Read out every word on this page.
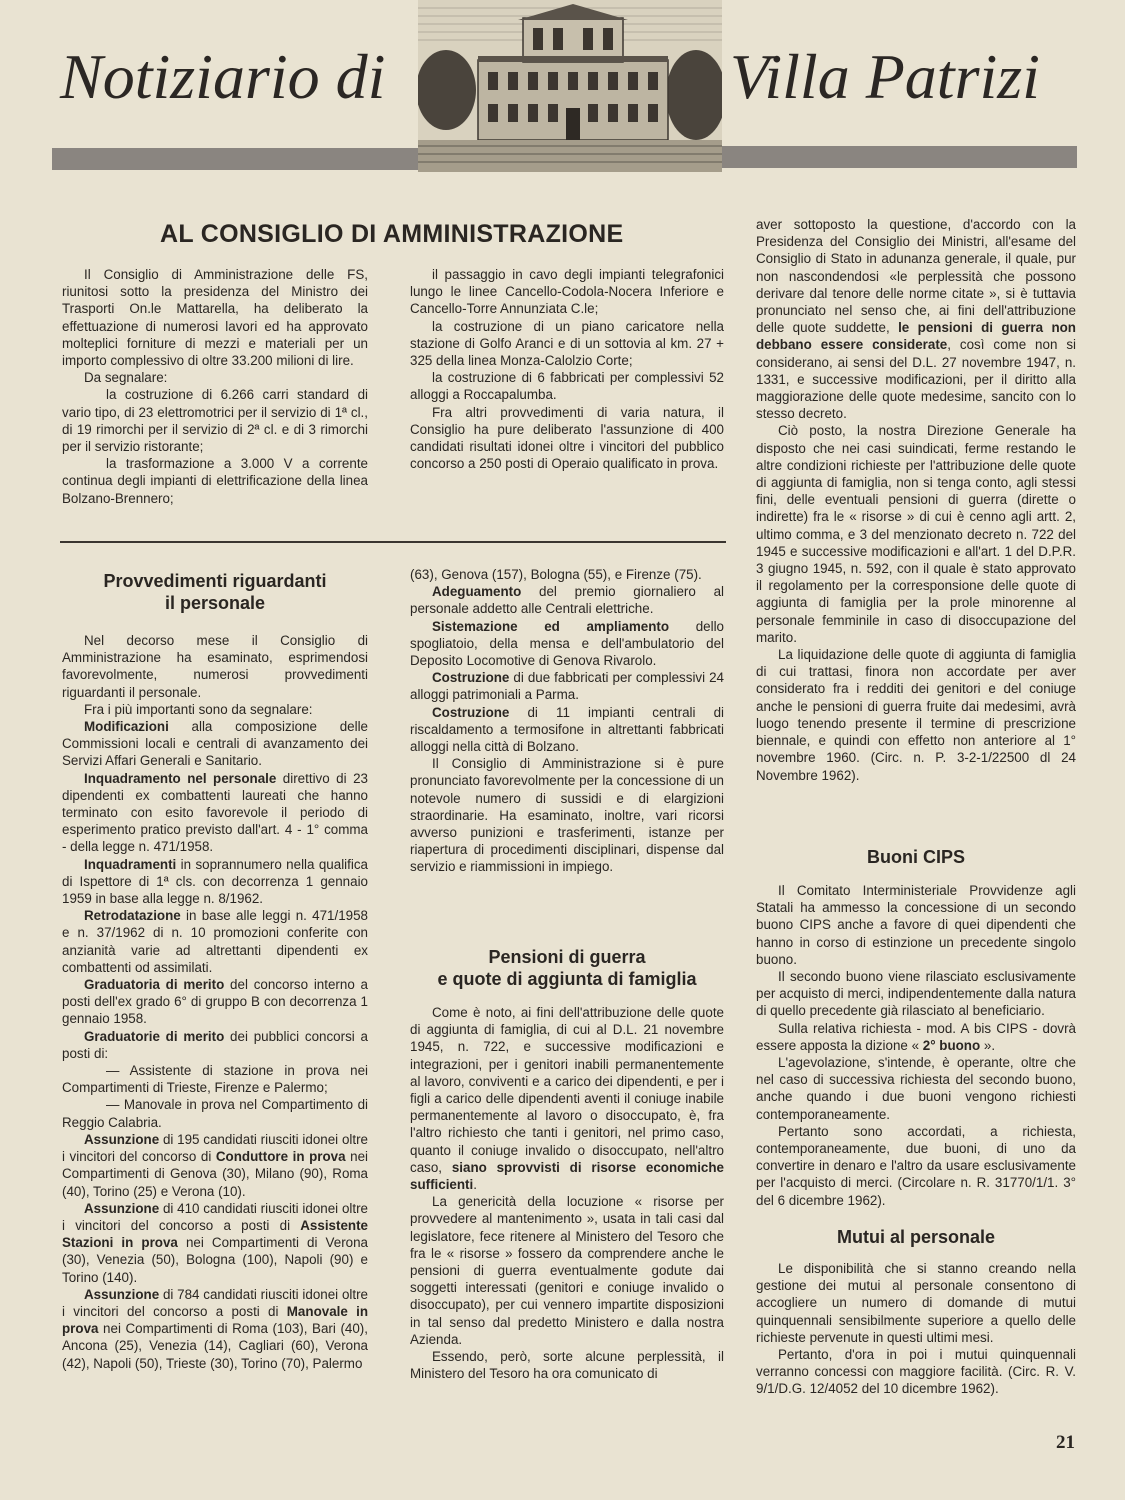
Notiziario di	Villa Patrizi
AL CONSIGLIO DI AMMINISTRAZIONE

Il Consiglio di Amministrazione delle FS, riunitosi sotto la presidenza del Ministro dei Trasporti On.le Mattarella, ha deliberato la effettuazione di numerosi lavori ed ha approvato molteplici forniture di mezzi e materiali per un importo complessivo di oltre 33.200 milioni di lire.

Da segnalare:

la costruzione di 6.266 carri standard di vario tipo, di 23 elettromotrici per il servizio di 1ª cl., di 19 rimorchi per il servizio di 2ª cl. e di 3 rimorchi per il servizio ristorante;

la trasformazione a 3.000 V a corrente continua degli impianti di elettrificazione della linea Bolzano-Brennero;

il passaggio in cavo degli impianti telegrafonici lungo le linee Cancello-Codola-Nocera Inferiore e Cancello-Torre Annunziata C.le;

la costruzione di un piano caricatore nella stazione di Golfo Aranci e di un sottovia al km. 27 + 325 della linea Monza-Calolzio Corte;

la costruzione di 6 fabbricati per complessivi 52 alloggi a Roccapalumba.

Fra altri provvedimenti di varia natura, il Consiglio ha pure deliberato l'assunzione di 400 candidati risultati idonei oltre i vincitori del pubblico concorso a 250 posti di Operaio qualificato in prova.

Provvedimenti riguardanti
il personale

Nel decorso mese il Consiglio di Amministrazione ha esaminato, esprimendosi favorevolmente, numerosi provvedimenti riguardanti il personale.

Fra i più importanti sono da segnalare:

Modificazioni alla composizione delle Commissioni locali e centrali di avanzamento dei Servizi Affari Generali e Sanitario.

Inquadramento nel personale direttivo di 23 dipendenti ex combattenti laureati che hanno terminato con esito favorevole il periodo di esperimento pratico previsto dall'art. 4 - 1° comma - della legge n. 471/1958.

Inquadramenti in soprannumero nella qualifica di Ispettore di 1ª cls. con decorrenza 1 gennaio 1959 in base alla legge n. 8/1962.

Retrodatazione in base alle leggi n. 471/1958 e n. 37/1962 di n. 10 promozioni conferite con anzianità varie ad altrettanti dipendenti ex combattenti od assimilati.

Graduatoria di merito del concorso interno a posti dell'ex grado 6° di gruppo B con decorrenza 1 gennaio 1958.

Graduatorie di merito dei pubblici concorsi a posti di:

— Assistente di stazione in prova nei Compartimenti di Trieste, Firenze e Palermo;

— Manovale in prova nel Compartimento di Reggio Calabria.

Assunzione di 195 candidati riusciti idonei oltre i vincitori del concorso di Conduttore in prova nei Compartimenti di Genova (30), Milano (90), Roma (40), Torino (25) e Verona (10).

Assunzione di 410 candidati riusciti idonei oltre i vincitori del concorso a posti di Assistente Stazioni in prova nei Compartimenti di Verona (30), Venezia (50), Bologna (100), Napoli (90) e Torino (140).

Assunzione di 784 candidati riusciti idonei oltre i vincitori del concorso a posti di Manovale in prova nei Compartimenti di Roma (103), Bari (40), Ancona (25), Venezia (14), Cagliari (60), Verona (42), Napoli (50), Trieste (30), Torino (70), Palermo

(63), Genova (157), Bologna (55), e Firenze (75).

Adeguamento del premio giornaliero al personale addetto alle Centrali elettriche.

Sistemazione ed ampliamento dello spogliatoio, della mensa e dell'ambulatorio del Deposito Locomotive di Genova Rivarolo.

Costruzione di due fabbricati per complessivi 24 alloggi patrimoniali a Parma.

Costruzione di 11 impianti centrali di riscaldamento a termosifone in altrettanti fabbricati alloggi nella città di Bolzano.

Il Consiglio di Amministrazione si è pure pronunciato favorevolmente per la concessione di un notevole numero di sussidi e di elargizioni straordinarie. Ha esaminato, inoltre, vari ricorsi avverso punizioni e trasferimenti, istanze per riapertura di procedimenti disciplinari, dispense dal servizio e riammissioni in impiego.

Pensioni di guerra
e quote di aggiunta di famiglia

Come è noto, ai fini dell'attribuzione delle quote di aggiunta di famiglia, di cui al D.L. 21 novembre 1945, n. 722, e successive modificazioni e integrazioni, per i genitori inabili permanentemente al lavoro, conviventi e a carico dei dipendenti, e per i figli a carico delle dipendenti aventi il coniuge inabile permanentemente al lavoro o disoccupato, è, fra l'altro richiesto che tanti i genitori, nel primo caso, quanto il coniuge invalido o disoccupato, nell'altro caso, siano sprovvisti di risorse economiche sufficienti.

La genericità della locuzione « risorse per provvedere al mantenimento », usata in tali casi dal legislatore, fece ritenere al Ministero del Tesoro che fra le « risorse » fossero da comprendere anche le pensioni di guerra eventualmente godute dai soggetti interessati (genitori e coniuge invalido o disoccupato), per cui vennero impartite disposizioni in tal senso dal predetto Ministero e dalla nostra Azienda.

Essendo, però, sorte alcune perplessità, il Ministero del Tesoro ha ora comunicato di

aver sottoposto la questione, d'accordo con la Presidenza del Consiglio dei Ministri, all'esame del Consiglio di Stato in adunanza generale, il quale, pur non nascondendosi «le perplessità che possono derivare dal tenore delle norme citate », si è tuttavia pronunciato nel senso che, ai fini dell'attribuzione delle quote suddette, le pensioni di guerra non debbano essere considerate, così come non si considerano, ai sensi del D.L. 27 novembre 1947, n. 1331, e successive modificazioni, per il diritto alla maggiorazione delle quote medesime, sancito con lo stesso decreto.

Ciò posto, la nostra Direzione Generale ha disposto che nei casi suindicati, ferme restando le altre condizioni richieste per l'attribuzione delle quote di aggiunta di famiglia, non si tenga conto, agli stessi fini, delle eventuali pensioni di guerra (dirette o indirette) fra le « risorse » di cui è cenno agli artt. 2, ultimo comma, e 3 del menzionato decreto n. 722 del 1945 e successive modificazioni e all'art. 1 del D.P.R. 3 giugno 1945, n. 592, con il quale è stato approvato il regolamento per la corresponsione delle quote di aggiunta di famiglia per la prole minorenne al personale femminile in caso di disoccupazione del marito.

La liquidazione delle quote di aggiunta di famiglia di cui trattasi, finora non accordate per aver considerato fra i redditi dei genitori e del coniuge anche le pensioni di guerra fruite dai medesimi, avrà luogo tenendo presente il termine di prescrizione biennale, e quindi con effetto non anteriore al 1° novembre 1960. (Circ. n. P. 3-2-1/22500 dl 24 Novembre 1962).

Buoni CIPS

Il Comitato Interministeriale Provvidenze agli Statali ha ammesso la concessione di un secondo buono CIPS anche a favore di quei dipendenti che hanno in corso di estinzione un precedente singolo buono.

Il secondo buono viene rilasciato esclusivamente per acquisto di merci, indipendentemente dalla natura di quello precedente già rilasciato al beneficiario.

Sulla relativa richiesta - mod. A bis CIPS - dovrà essere apposta la dizione « 2° buono ».

L'agevolazione, s'intende, è operante, oltre che nel caso di successiva richiesta del secondo buono, anche quando i due buoni vengono richiesti contemporaneamente.

Pertanto sono accordati, a richiesta, contemporaneamente, due buoni, di uno da convertire in denaro e l'altro da usare esclusivamente per l'acquisto di merci. (Circolare n. R. 31770/1/1. 3° del 6 dicembre 1962).

Mutui al personale

Le disponibilità che si stanno creando nella gestione dei mutui al personale consentono di accogliere un numero di domande di mutui quinquennali sensibilmente superiore a quello delle richieste pervenute in questi ultimi mesi.

Pertanto, d'ora in poi i mutui quinquennali verranno concessi con maggiore facilità. (Circ. R. V. 9/1/D.G. 12/4052 del 10 dicembre 1962).

21
